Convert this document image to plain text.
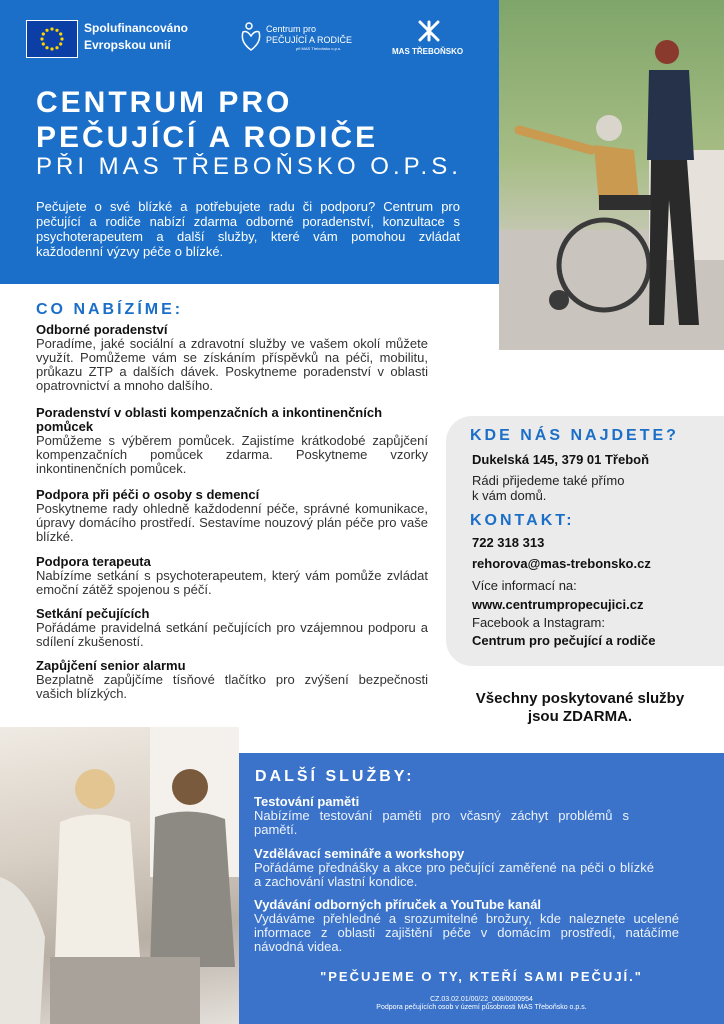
Spolufinancováno
Evropskou unií
Centrum pro
PEČUJÍCÍ A RODIČE
při MAS Třeboňsko o.p.s.	MAS TŘEBOŇSKO
CENTRUM PRO
PEČUJÍCÍ A RODIČE
PŘI MAS TŘEBOŇSKO O.P.S.
Pečujete o své blízké a potřebujete radu či podporu? Centrum pro pečující a rodiče nabízí zdarma odborné poradenství, konzultace s psychoterapeutem a další služby, které vám pomohou zvládat každodenní výzvy péče o blízké.
CO NABÍZÍME:
Odborné poradenství
Poradíme, jaké sociální a zdravotní služby ve vašem okolí můžete využít. Pomůžeme vám se získáním příspěvků na péči, mobilitu, průkazu ZTP a dalších dávek. Poskytneme poradenství v oblasti opatrovnictví a mnoho dalšího.
Poradenství v oblasti kompenzačních a inkontinenčních pomůcek
Pomůžeme s výběrem pomůcek. Zajistíme krátkodobé zapůjčení kompenzačních pomůcek zdarma. Poskytneme vzorky inkontinenčních pomůcek.
Podpora při péči o osoby s demencí
Poskytneme rady ohledně každodenní péče, správné komunikace, úpravy domácího prostředí. Sestavíme nouzový plán péče pro vaše blízké.
Podpora terapeuta
Nabízíme setkání s psychoterapeutem, který vám pomůže zvládat emoční zátěž spojenou s péčí.
Setkání pečujících
Pořádáme pravidelná setkání pečujících pro vzájemnou podporu a sdílení zkušeností.
Zapůjčení senior alarmu
Bezplatně zapůjčíme tísňové tlačítko pro zvýšení bezpečnosti vašich blízkých.
KDE NÁS NAJDETE?
Dukelská 145, 379 01 Třeboň
Rádi přijedeme také přímo
k vám domů.
KONTAKT:
722 318 313
rehorova@mas-trebonsko.cz
Více informací na:
www.centrumpropecujici.cz
Facebook a Instagram:
Centrum pro pečující a rodiče
Všechny poskytované služby
jsou ZDARMA.
DALŠÍ SLUŽBY:
Testování paměti
Nabízíme testování paměti pro včasný záchyt problémů s pamětí.
Vzdělávací semináře a workshopy
Pořádáme přednášky a akce pro pečující zaměřené na péči o blízké a zachování vlastní kondice.
Vydávání odborných příruček a YouTube kanál
Vydáváme přehledné a srozumitelné brožury, kde naleznete ucelené informace z oblasti zajištění péče v domácím prostředí, natáčíme návodná videa.
"PEČUJEME O TY, KTEŘÍ SAMI PEČUJÍ."
CZ.03.02.01/00/22_008/0000954
Podpora pečujících osob v území působnosti MAS Třeboňsko o.p.s.
